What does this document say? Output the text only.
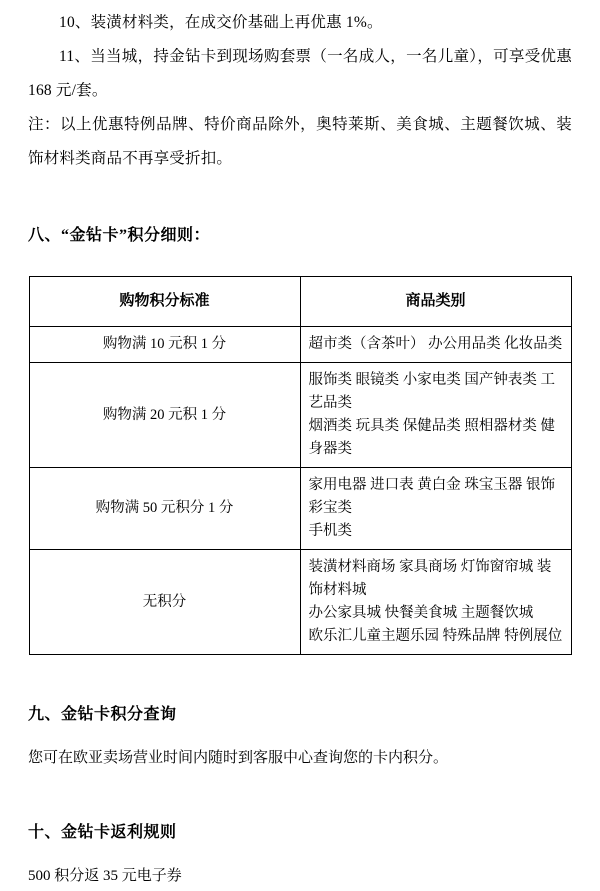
10、装潢材料类，在成交价基础上再优惠 1%。

11、当当城，持金钻卡到现场购套票（一名成人，一名儿童），可享受优惠 168 元/套。

注：以上优惠特例品牌、特价商品除外，奥特莱斯、美食城、主题餐饮城、装饰材料类商品不再享受折扣。

八、“金钻卡”积分细则：
购物积分标准	商品类别
购物满 10 元积 1 分	超市类（含茶叶） 办公用品类 化妆品类

购物满 20 元积 1 分	服饰类 眼镜类 小家电类 国产钟表类 工艺品类
烟酒类 玩具类 保健品类 照相器材类 健身器类

购物满 50 元积分 1 分	家用电器 进口表 黄白金 珠宝玉器 银饰 彩宝类
手机类

无积分	装潢材料商场 家具商场 灯饰窗帘城 装饰材料城
办公家具城 快餐美食城 主题餐饮城
欧乐汇儿童主题乐园 特殊品牌 特例展位
九、金钻卡积分查询

您可在欧亚卖场营业时间内随时到客服中心查询您的卡内积分。

十、金钻卡返利规则

500 积分返 35 元电子券
